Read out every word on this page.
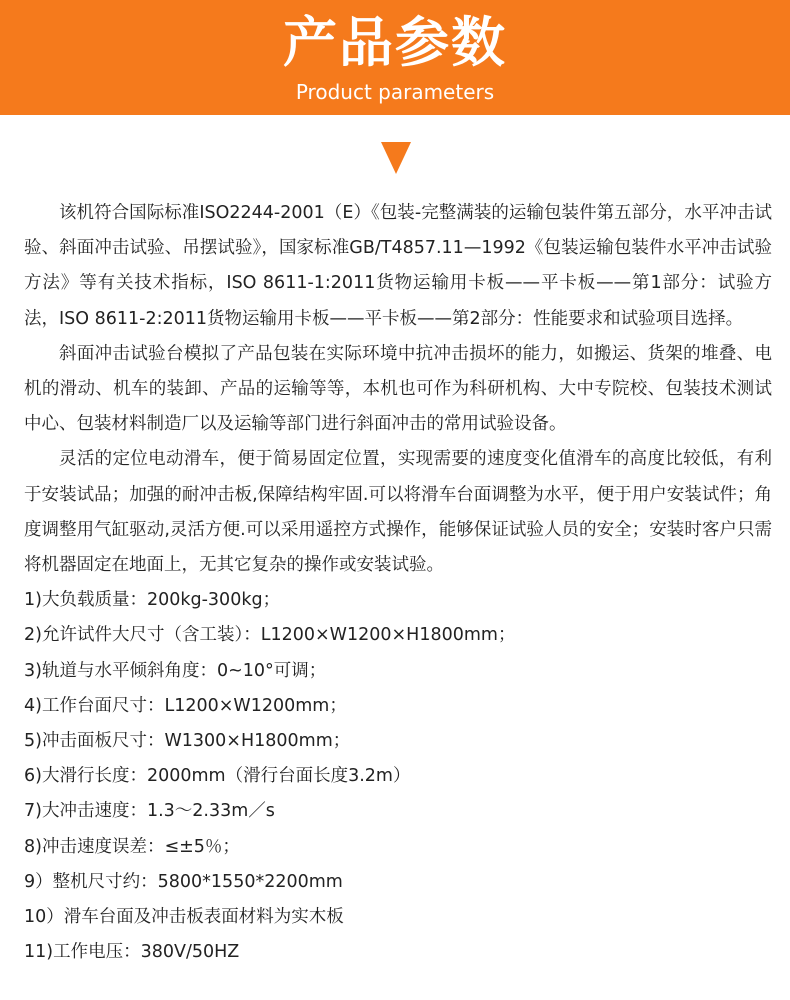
产品参数
Product parameters

该机符合国际标准ISO2244-2001（E）《包装-完整满装的运输包装件第五部分，水平冲击试验、斜面冲击试验、吊摆试验》，国家标准GB/T4857.11—1992《包装运输包装件水平冲击试验方法》等有关技术指标，ISO 8611-1:2011货物运输用卡板——平卡板——第1部分：试验方法，ISO 8611-2:2011货物运输用卡板——平卡板——第2部分：性能要求和试验项目选择。

斜面冲击试验台模拟了产品包装在实际环境中抗冲击损坏的能力，如搬运、货架的堆叠、电机的滑动、机车的装卸、产品的运输等等，本机也可作为科研机构、大中专院校、包装技术测试中心、包装材料制造厂以及运输等部门进行斜面冲击的常用试验设备。

灵活的定位电动滑车，便于简易固定位置，实现需要的速度变化值滑车的高度比较低，有利于安装试品；加强的耐冲击板,保障结构牢固.可以将滑车台面调整为水平，便于用户安装试件；角度调整用气缸驱动,灵活方便.可以采用遥控方式操作，能够保证试验人员的安全；安装时客户只需将机器固定在地面上，无其它复杂的操作或安装试验。

1)大负载质量：200kg-300kg；
2)允许试件大尺寸（含工装）：L1200×W1200×H1800mm；
3)轨道与水平倾斜角度：0~10°可调；
4)工作台面尺寸：L1200×W1200mm；
5)冲击面板尺寸：W1300×H1800mm；
6)大滑行长度：2000mm（滑行台面长度3.2m）
7)大冲击速度：1.3～2.33m／s
8)冲击速度误差：≤±5％；
9）整机尺寸约：5800*1550*2200mm
10）滑车台面及冲击板表面材料为实木板
11)工作电压：380V/50HZ
